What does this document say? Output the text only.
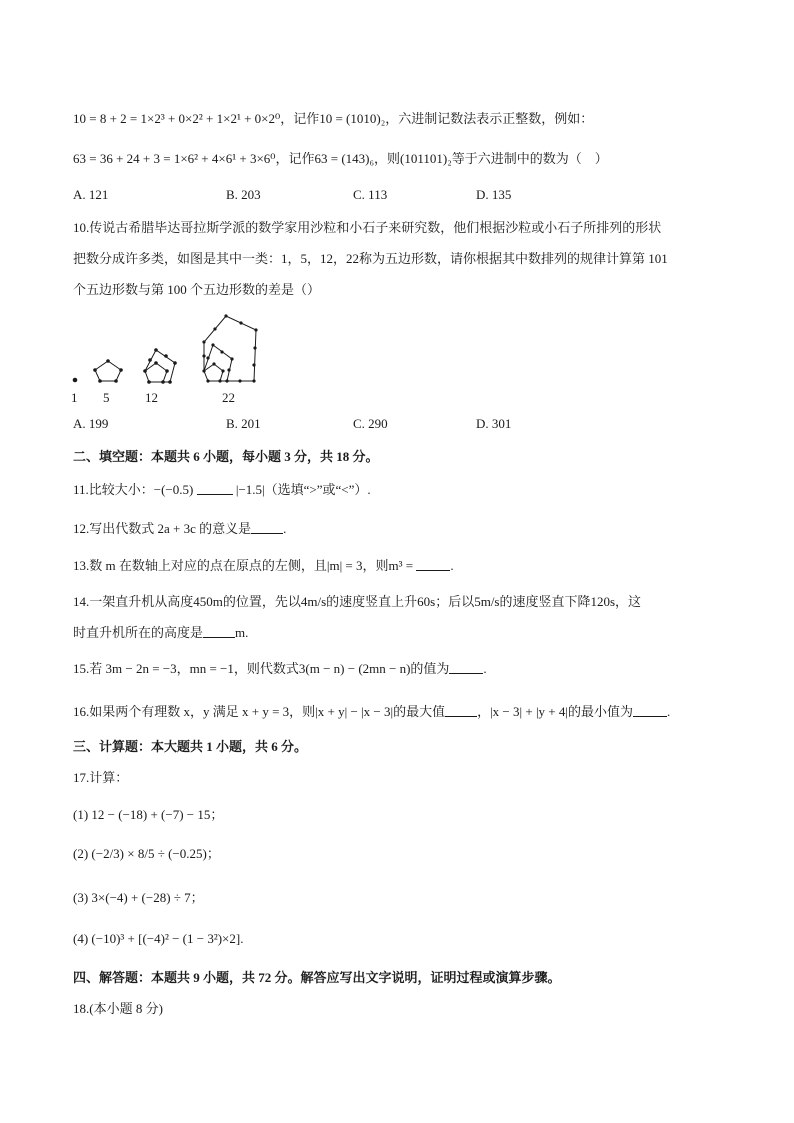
10 = 8 + 2 = 1×2³ + 0×2² + 1×2¹ + 0×2⁰，记作10 = (1010)₂，六进制记数法表示正整数，例如：
63 = 36 + 24 + 3 = 1×6² + 4×6¹ + 3×6⁰，记作63 = (143)₆，则(101101)₂等于六进制中的数为（　）
A. 121	B. 203	C. 113	D. 135
10.传说古希腊毕达哥拉斯学派的数学家用沙粒和小石子来研究数，他们根据沙粒或小石子所排列的形状
把数分成许多类，如图是其中一类：1，5，12，22称为五边形数，请你根据其中数排列的规律计算第 101
个五边形数与第 100 个五边形数的差是（）
1 5	12	22
A. 199	B. 201	C. 290	D. 301
二、填空题：本题共 6 小题，每小题 3 分，共 18 分。
11.比较大小：−(−0.5)	|−1.5|（选填“>”或“<”）.
12.写出代数式 2a + 3c 的意义是 .
13.数 m 在数轴上对应的点在原点的左侧，且|m| = 3，则m³ =	.
14.一架直升机从高度450m的位置，先以4m/s的速度竖直上升60s；后以5m/s的速度竖直下降120s，这
时直升机所在的高度是 m.
15.若 3m − 2n = −3，mn = −1，则代数式3(m − n) − (2mn − n)的值为	.
16.如果两个有理数 x，y 满足 x + y = 3，则|x + y| − |x − 3|的最大值 ，|x − 3| + |y + 4|的最小值为	.
三、计算题：本大题共 1 小题，共 6 分。
17.计算：
(1) 12 − (−18) + (−7) − 15；
(2) (−2/3) × 8/5 ÷ (−0.25)；
(3) 3×(−4) + (−28) ÷ 7；
(4) (−10)³ + [(−4)² − (1 − 3²)×2].
四、解答题：本题共 9 小题，共 72 分。解答应写出文字说明，证明过程或演算步骤。
18.(本小题 8 分)
